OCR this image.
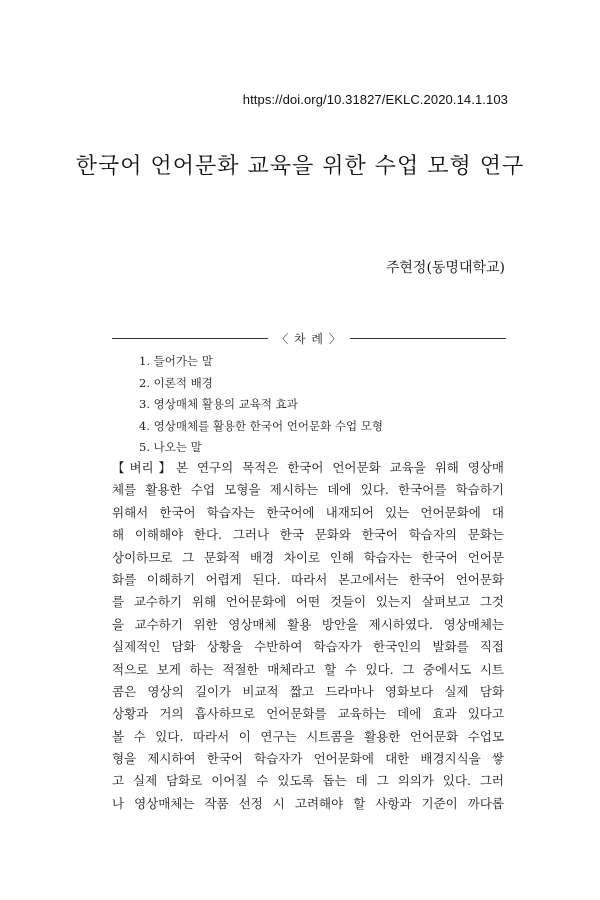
https://doi.org/10.31827/EKLC.2020.14.1.103
한국어 언어문화 교육을 위한 수업 모형 연구
주현정(동명대학교)
〈 차 례 〉
1. 들어가는 말
2. 이론적 배경
3. 영상매체 활용의 교육적 효과
4. 영상매체를 활용한 한국어 언어문화 수업 모형
5. 나오는 말
【벼리】본 연구의 목적은 한국어 언어문화 교육을 위해 영상매
체를 활용한 수업 모형을 제시하는 데에 있다. 한국어를 학습하기
위해서 한국어 학습자는 한국어에 내재되어 있는 언어문화에 대
해 이해해야 한다. 그러나 한국 문화와 한국어 학습자의 문화는
상이하므로 그 문화적 배경 차이로 인해 학습자는 한국어 언어문
화를 이해하기 어렵게 된다. 따라서 본고에서는 한국어 언어문화
를 교수하기 위해 언어문화에 어떤 것들이 있는지 살펴보고 그것
을 교수하기 위한 영상매체 활용 방안을 제시하였다. 영상매체는
실제적인 담화 상황을 수반하여 학습자가 한국인의 발화를 직접
적으로 보게 하는 적절한 매체라고 할 수 있다. 그 중에서도 시트
콤은 영상의 길이가 비교적 짧고 드라마나 영화보다 실제 담화
상황과 거의 흡사하므로 언어문화를 교육하는 데에 효과 있다고
볼 수 있다. 따라서 이 연구는 시트콤을 활용한 언어문화 수업모
형을 제시하여 한국어 학습자가 언어문화에 대한 배경지식을 쌓
고 실제 담화로 이어질 수 있도록 돕는 데 그 의의가 있다. 그러
나 영상매체는 작품 선정 시 고려해야 할 사항과 기준이 까다롭
